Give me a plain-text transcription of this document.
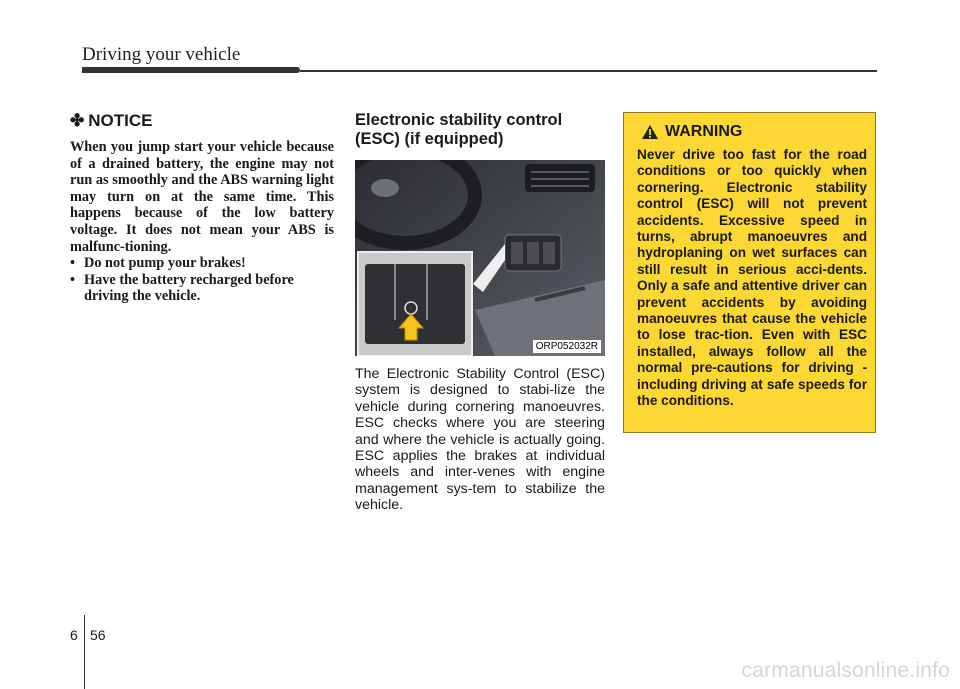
Driving your vehicle
✤ NOTICE
When you jump start your vehicle because of a drained battery, the engine may not run as smoothly and the ABS warning light may turn on at the same time. This happens because of the low battery voltage. It does not mean your ABS is malfunc-tioning.
• Do not pump your brakes!
• Have the battery recharged before driving the vehicle.
Electronic stability control
(ESC) (if equipped)
ORP052032R
The Electronic Stability Control (ESC) system is designed to stabi-lize the vehicle during cornering manoeuvres. ESC checks where you are steering and where the vehicle is actually going. ESC applies the brakes at individual wheels and inter-venes with engine management sys-tem to stabilize the vehicle.
WARNING
Never drive too fast for the road conditions or too quickly when cornering. Electronic stability control (ESC) will not prevent accidents. Excessive speed in turns, abrupt manoeuvres and hydroplaning on wet surfaces can still result in serious acci-dents. Only a safe and attentive driver can prevent accidents by avoiding manoeuvres that cause the vehicle to lose trac-tion. Even with ESC installed, always follow all the normal pre-cautions for driving - including driving at safe speeds for the conditions.
6 56
carmanualsonline.info
